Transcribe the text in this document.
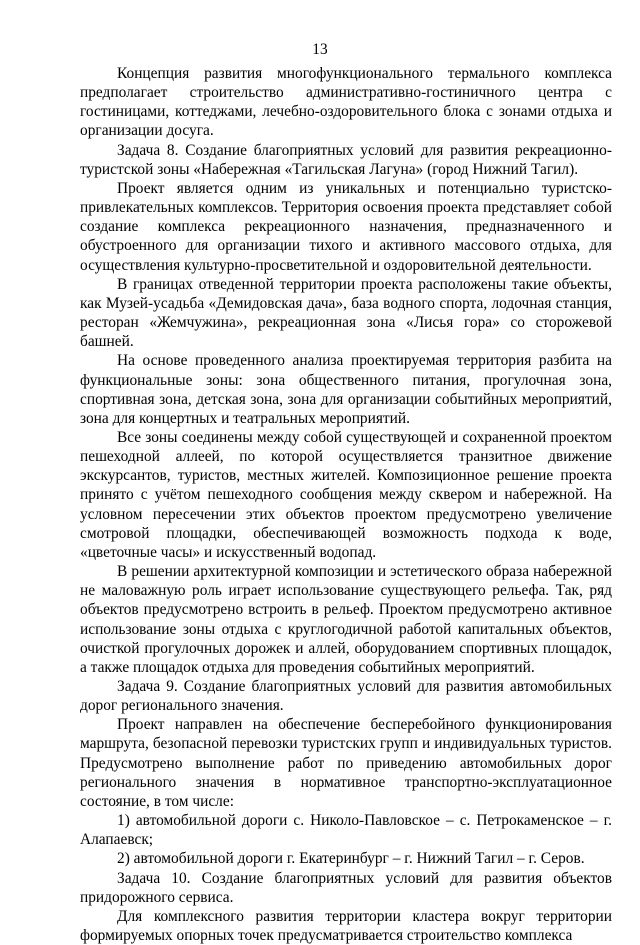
13

Концепция развития многофункционального термального комплекса предполагает строительство административно-гостиничного центра с гостиницами, коттеджами, лечебно-оздоровительного блока с зонами отдыха и организации досуга.

Задача 8. Создание благоприятных условий для развития рекреационно-туристской зоны «Набережная «Тагильская Лагуна» (город Нижний Тагил).

Проект является одним из уникальных и потенциально туристско-привлекательных комплексов. Территория освоения проекта представляет собой создание комплекса рекреационного назначения, предназначенного и обустроенного для организации тихого и активного массового отдыха, для осуществления культурно-просветительной и оздоровительной деятельности.

В границах отведенной территории проекта расположены такие объекты, как Музей-усадьба «Демидовская дача», база водного спорта, лодочная станция, ресторан «Жемчужина», рекреационная зона «Лисья гора» со сторожевой башней.

На основе проведенного анализа проектируемая территория разбита на функциональные зоны: зона общественного питания, прогулочная зона, спортивная зона, детская зона, зона для организации событийных мероприятий, зона для концертных и театральных мероприятий.

Все зоны соединены между собой существующей и сохраненной проектом пешеходной аллеей, по которой осуществляется транзитное движение экскурсантов, туристов, местных жителей. Композиционное решение проекта принято с учётом пешеходного сообщения между сквером и набережной. На условном пересечении этих объектов проектом предусмотрено увеличение смотровой площадки, обеспечивающей возможность подхода к воде, «цветочные часы» и искусственный водопад.

В решении архитектурной композиции и эстетического образа набережной не маловажную роль играет использование существующего рельефа. Так, ряд объектов предусмотрено встроить в рельеф. Проектом предусмотрено активное использование зоны отдыха с круглогодичной работой капитальных объектов, очисткой прогулочных дорожек и аллей, оборудованием спортивных площадок, а также площадок отдыха для проведения событийных мероприятий.

Задача 9. Создание благоприятных условий для развития автомобильных дорог регионального значения.

Проект направлен на обеспечение бесперебойного функционирования маршрута, безопасной перевозки туристских групп и индивидуальных туристов. Предусмотрено выполнение работ по приведению автомобильных дорог регионального значения в нормативное транспортно-эксплуатационное состояние, в том числе:

1) автомобильной дороги с. Николо-Павловское – с. Петрокаменское – г. Алапаевск;

2) автомобильной дороги г. Екатеринбург – г. Нижний Тагил – г. Серов.

Задача 10. Создание благоприятных условий для развития объектов придорожного сервиса.

Для комплексного развития территории кластера вокруг территории формируемых опорных точек предусматривается строительство комплекса
